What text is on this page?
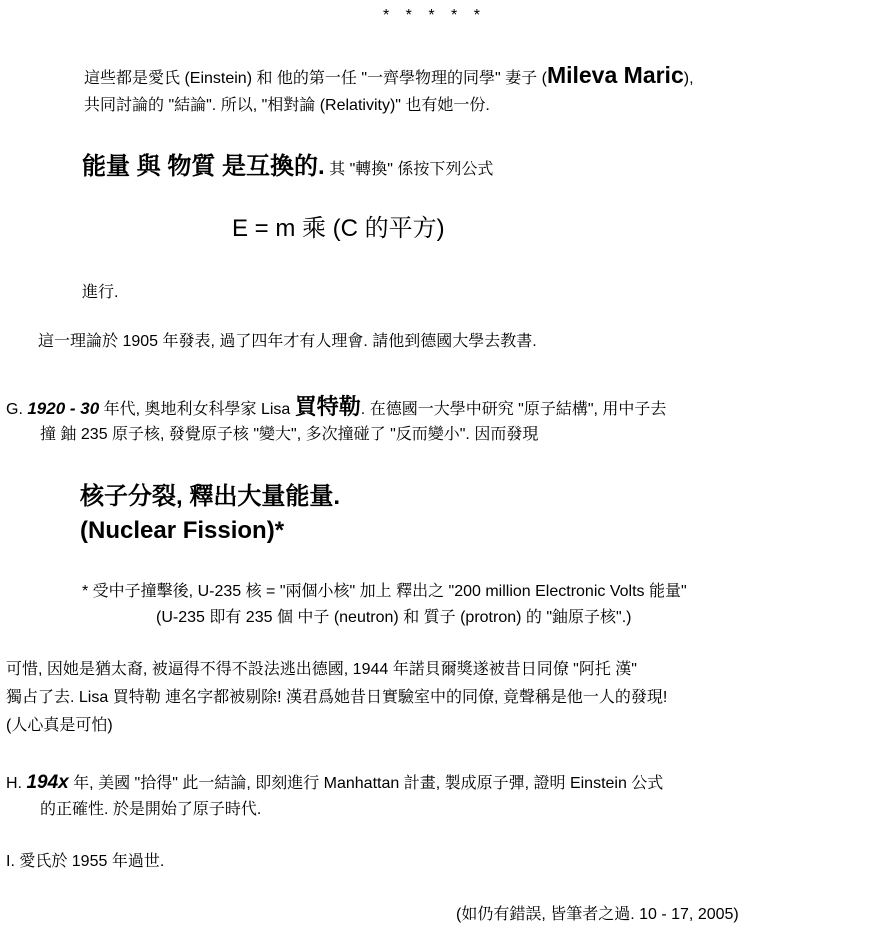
* * * * *
這些都是愛氏 (Einstein) 和 他的第一任 "一齊學物理的同學" 妻子 (Mileva Maric),
共同討論的 "結論". 所以, "相對論 (Relativity)" 也有她一份.
能量 與 物質 是互換的. 其 "轉換" 係按下列公式
E = m 乘 (C 的平方)
進行.
這一理論於 1905 年發表, 過了四年才有人理會. 請他到德國大學去教書.
G. 1920 - 30 年代, 奧地利女科學家 Lisa 買特勒. 在德國一大學中研究 "原子結構", 用中子去
撞 鈾 235 原子核, 發覺原子核 "變大", 多次撞碰了 "反而變小". 因而發現
核子分裂, 釋出大量能量.
(Nuclear Fission)*
* 受中子撞擊後, U-235 核 = "兩個小核" 加上 釋出之 "200 million Electronic Volts 能量"
(U-235 即有 235 個 中子 (neutron) 和 質子 (protron) 的 "鈾原子核".)
可惜, 因她是猶太裔, 被逼得不得不設法逃出德國, 1944 年諾貝爾獎遂被昔日同僚 "阿托 漢"
獨占了去. Lisa 買特勒 連名字都被剔除! 漢君爲她昔日實驗室中的同僚, 竟聲稱是他一人的發現!
(人心真是可怕)
H. 194x 年, 美國 "拾得" 此一結論, 即刻進行 Manhattan 計畫, 製成原子彈, 證明 Einstein 公式
的正確性. 於是開始了原子時代.
I. 愛氏於 1955 年過世.
(如仍有錯誤, 皆筆者之過. 10 - 17, 2005)
